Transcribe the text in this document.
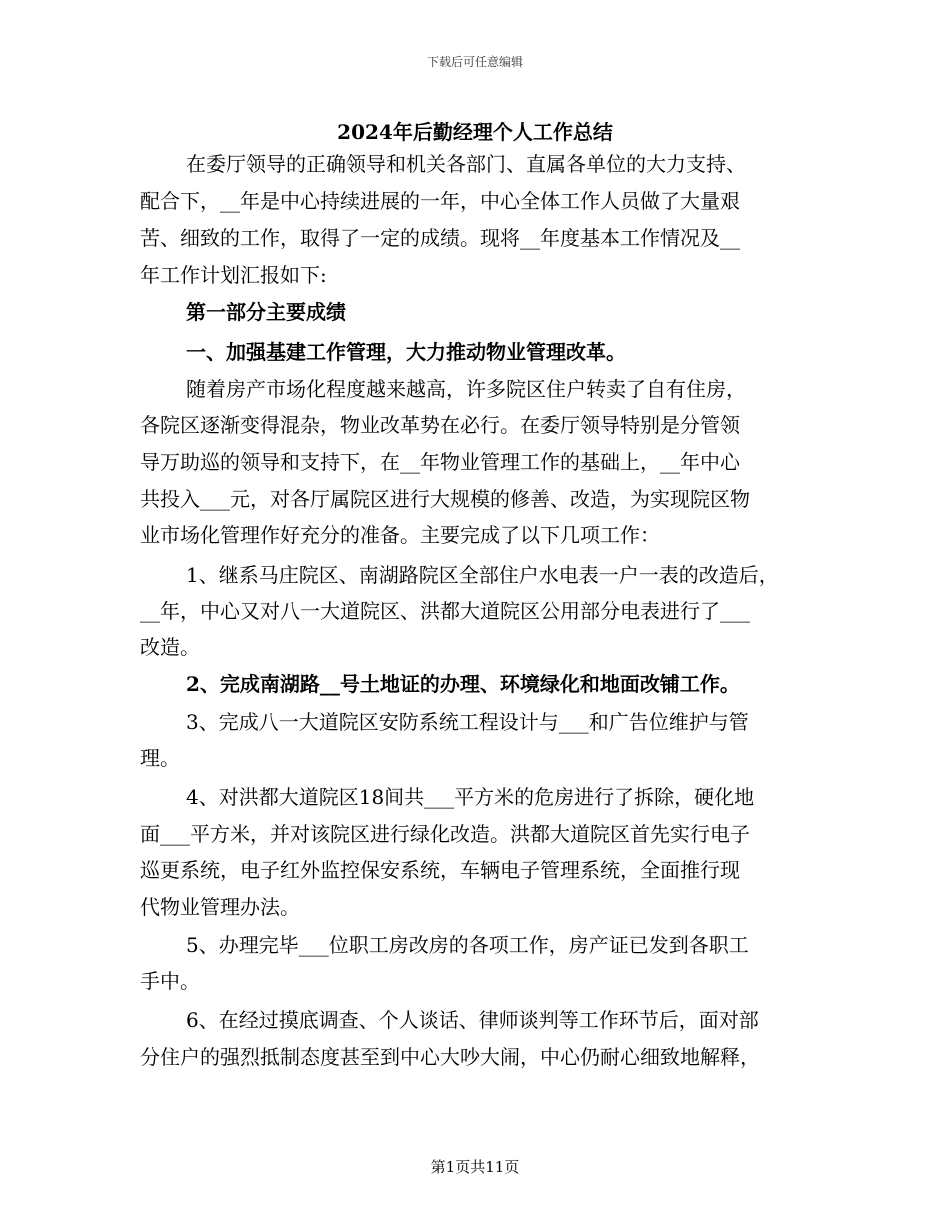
下载后可任意编辑
2024年后勤经理个人工作总结
在委厅领导的正确领导和机关各部门、直属各单位的大力支持、
配合下，__年是中心持续进展的一年，中心全体工作人员做了大量艰
苦、细致的工作，取得了一定的成绩。现将__年度基本工作情况及__
年工作计划汇报如下:
第一部分主要成绩
一、加强基建工作管理，大力推动物业管理改革。
随着房产市场化程度越来越高，许多院区住户转卖了自有住房，
各院区逐渐变得混杂，物业改革势在必行。在委厅领导特别是分管领
导万助巡的领导和支持下，在__年物业管理工作的基础上，__年中心
共投入___元，对各厅属院区进行大规模的修善、改造，为实现院区物
业市场化管理作好充分的准备。主要完成了以下几项工作：
1、继系马庄院区、南湖路院区全部住户水电表一户一表的改造后，
__年，中心又对八一大道院区、洪都大道院区公用部分电表进行了___
改造。
2、完成南湖路__号土地证的办理、环境绿化和地面改铺工作。
3、完成八一大道院区安防系统工程设计与___和广告位维护与管
理。
4、对洪都大道院区18间共___平方米的危房进行了拆除，硬化地
面___平方米，并对该院区进行绿化改造。洪都大道院区首先实行电子
巡更系统，电子红外监控保安系统，车辆电子管理系统，全面推行现
代物业管理办法。
5、办理完毕___位职工房改房的各项工作，房产证已发到各职工
手中。
6、在经过摸底调查、个人谈话、律师谈判等工作环节后，面对部
分住户的强烈抵制态度甚至到中心大吵大闹，中心仍耐心细致地解释，
第1页共11页
